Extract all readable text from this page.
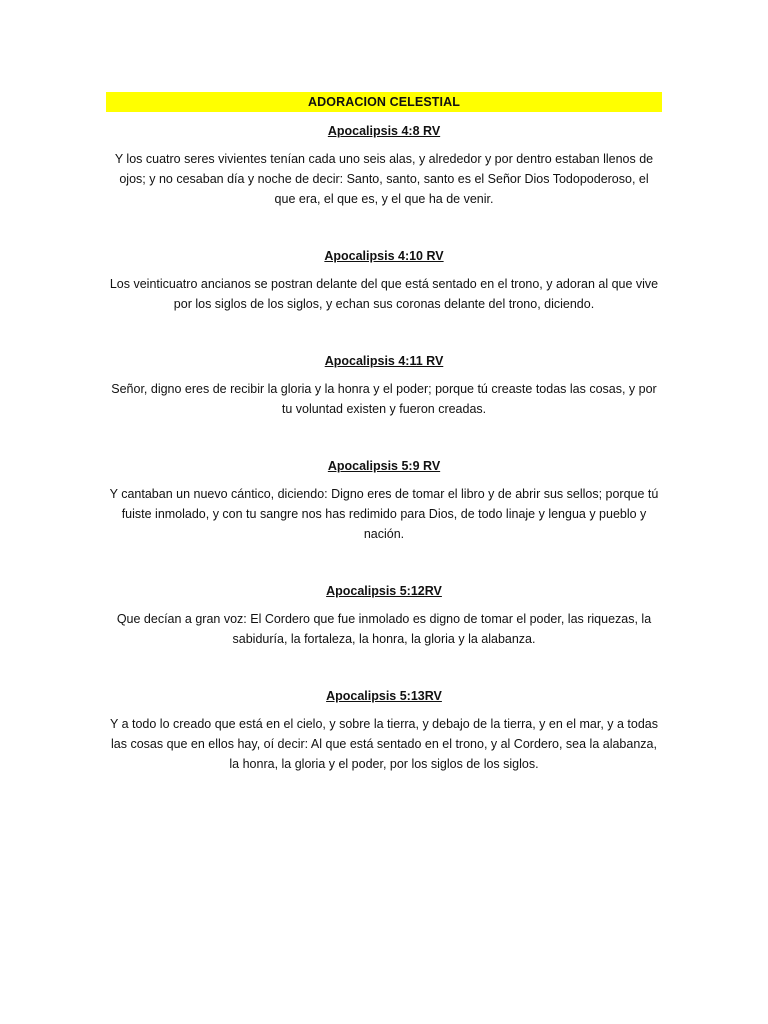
ADORACION CELESTIAL
Apocalipsis 4:8 RV

Y los cuatro seres vivientes tenían cada uno seis alas, y alrededor y por dentro estaban llenos de ojos; y no cesaban día y noche de decir: Santo, santo, santo es el Señor Dios Todopoderoso, el que era, el que es, y el que ha de venir.

Apocalipsis 4:10 RV

Los veinticuatro ancianos se postran delante del que está sentado en el trono, y adoran al que vive por los siglos de los siglos, y echan sus coronas delante del trono, diciendo.

Apocalipsis 4:11 RV

Señor, digno eres de recibir la gloria y la honra y el poder; porque tú creaste todas las cosas, y por tu voluntad existen y fueron creadas.

Apocalipsis 5:9 RV

Y cantaban un nuevo cántico, diciendo: Digno eres de tomar el libro y de abrir sus sellos; porque tú fuiste inmolado, y con tu sangre nos has redimido para Dios, de todo linaje y lengua y pueblo y nación.

Apocalipsis 5:12RV

Que decían a gran voz: El Cordero que fue inmolado es digno de tomar el poder, las riquezas, la sabiduría, la fortaleza, la honra, la gloria y la alabanza.

Apocalipsis 5:13RV

Y a todo lo creado que está en el cielo, y sobre la tierra, y debajo de la tierra, y en el mar, y a todas las cosas que en ellos hay, oí decir: Al que está sentado en el trono, y al Cordero, sea la alabanza, la honra, la gloria y el poder, por los siglos de los siglos.
